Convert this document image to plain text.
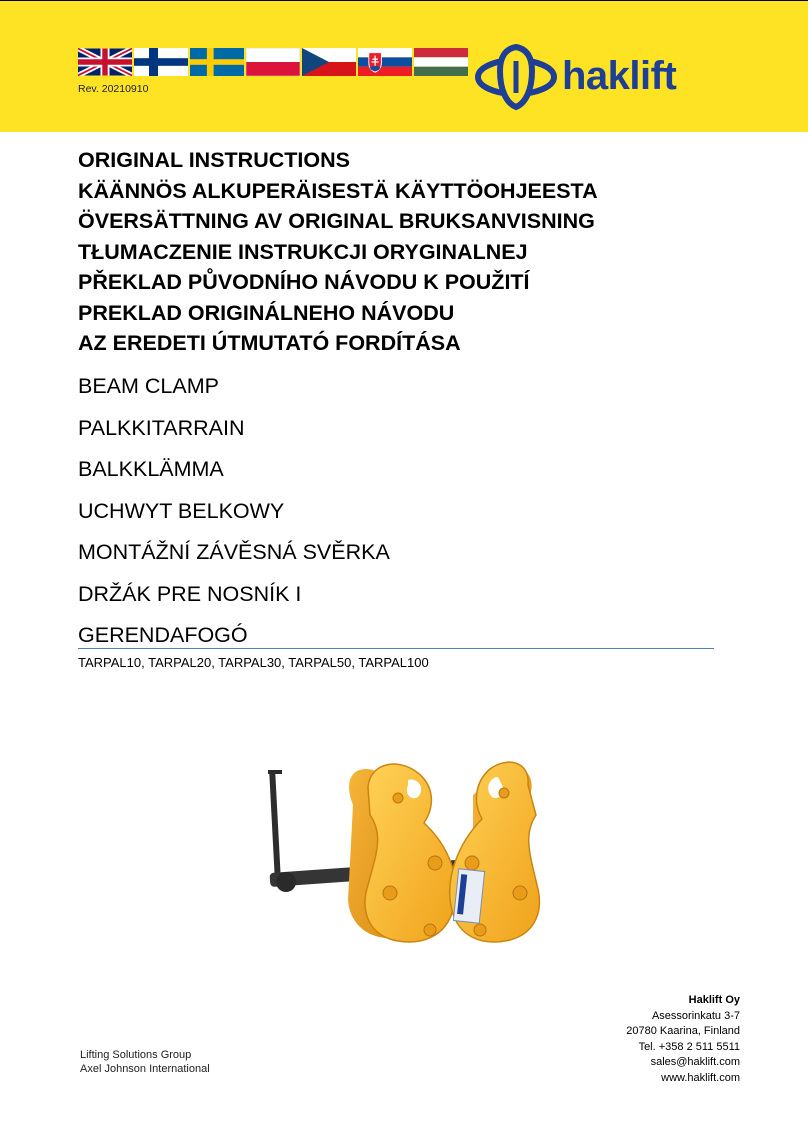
Rev. 20210910	haklift
ORIGINAL INSTRUCTIONS
KÄÄNNÖS ALKUPERÄISESTÄ KÄYTTÖOHJEESTA
ÖVERSÄTTNING AV ORIGINAL BRUKSANVISNING
TŁUMACZENIE INSTRUKCJI ORYGINALNEJ
PŘEKLAD PŮVODNÍHO NÁVODU K POUŽITÍ
PREKLAD ORIGINÁLNEHO NÁVODU
AZ EREDETI ÚTMUTATÓ FORDÍTÁSA
BEAM CLAMP
PALKKITARRAIN
BALKKLÄMMA
UCHWYT BELKOWY
MONTÁŽNÍ ZÁVĚSNÁ SVĚRKA
DRŽÁK PRE NOSNÍK I
GERENDAFOGÓ
TARPAL10, TARPAL20, TARPAL30, TARPAL50, TARPAL100
Haklift Oy
Asessorinkatu 3-7
20780 Kaarina, Finland
Tel. +358 2 511 5511
sales@haklift.com
www.haklift.com
Lifting Solutions Group
Axel Johnson International
